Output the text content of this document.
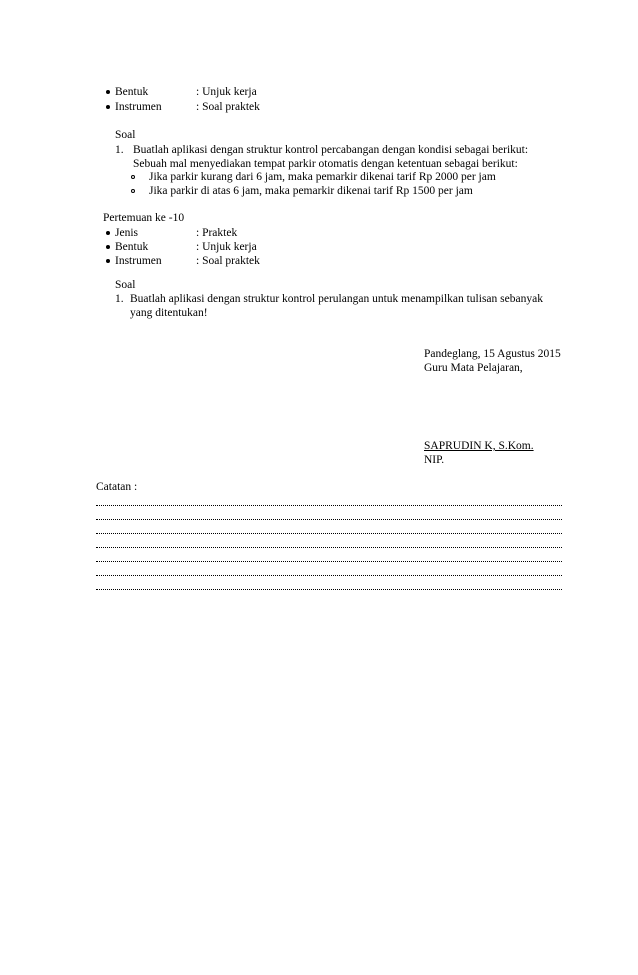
Bentuk	: Unjuk kerja
Instrumen	: Soal praktek
Soal
1. Buatlah aplikasi dengan struktur kontrol percabangan dengan kondisi sebagai berikut:
Sebuah mal menyediakan tempat parkir otomatis dengan ketentuan sebagai berikut:
Jika parkir kurang dari 6 jam, maka pemarkir dikenai tarif Rp 2000 per jam
Jika parkir di atas 6 jam, maka pemarkir dikenai tarif Rp 1500 per jam
Pertemuan ke -10
Jenis	: Praktek
Bentuk	: Unjuk kerja
Instrumen	: Soal praktek
Soal
1. Buatlah aplikasi dengan struktur kontrol perulangan untuk menampilkan tulisan sebanyak
yang ditentukan!
Pandeglang, 15 Agustus 2015
Guru Mata Pelajaran,
SAPRUDIN K, S.Kom.
NIP.
Catatan :
